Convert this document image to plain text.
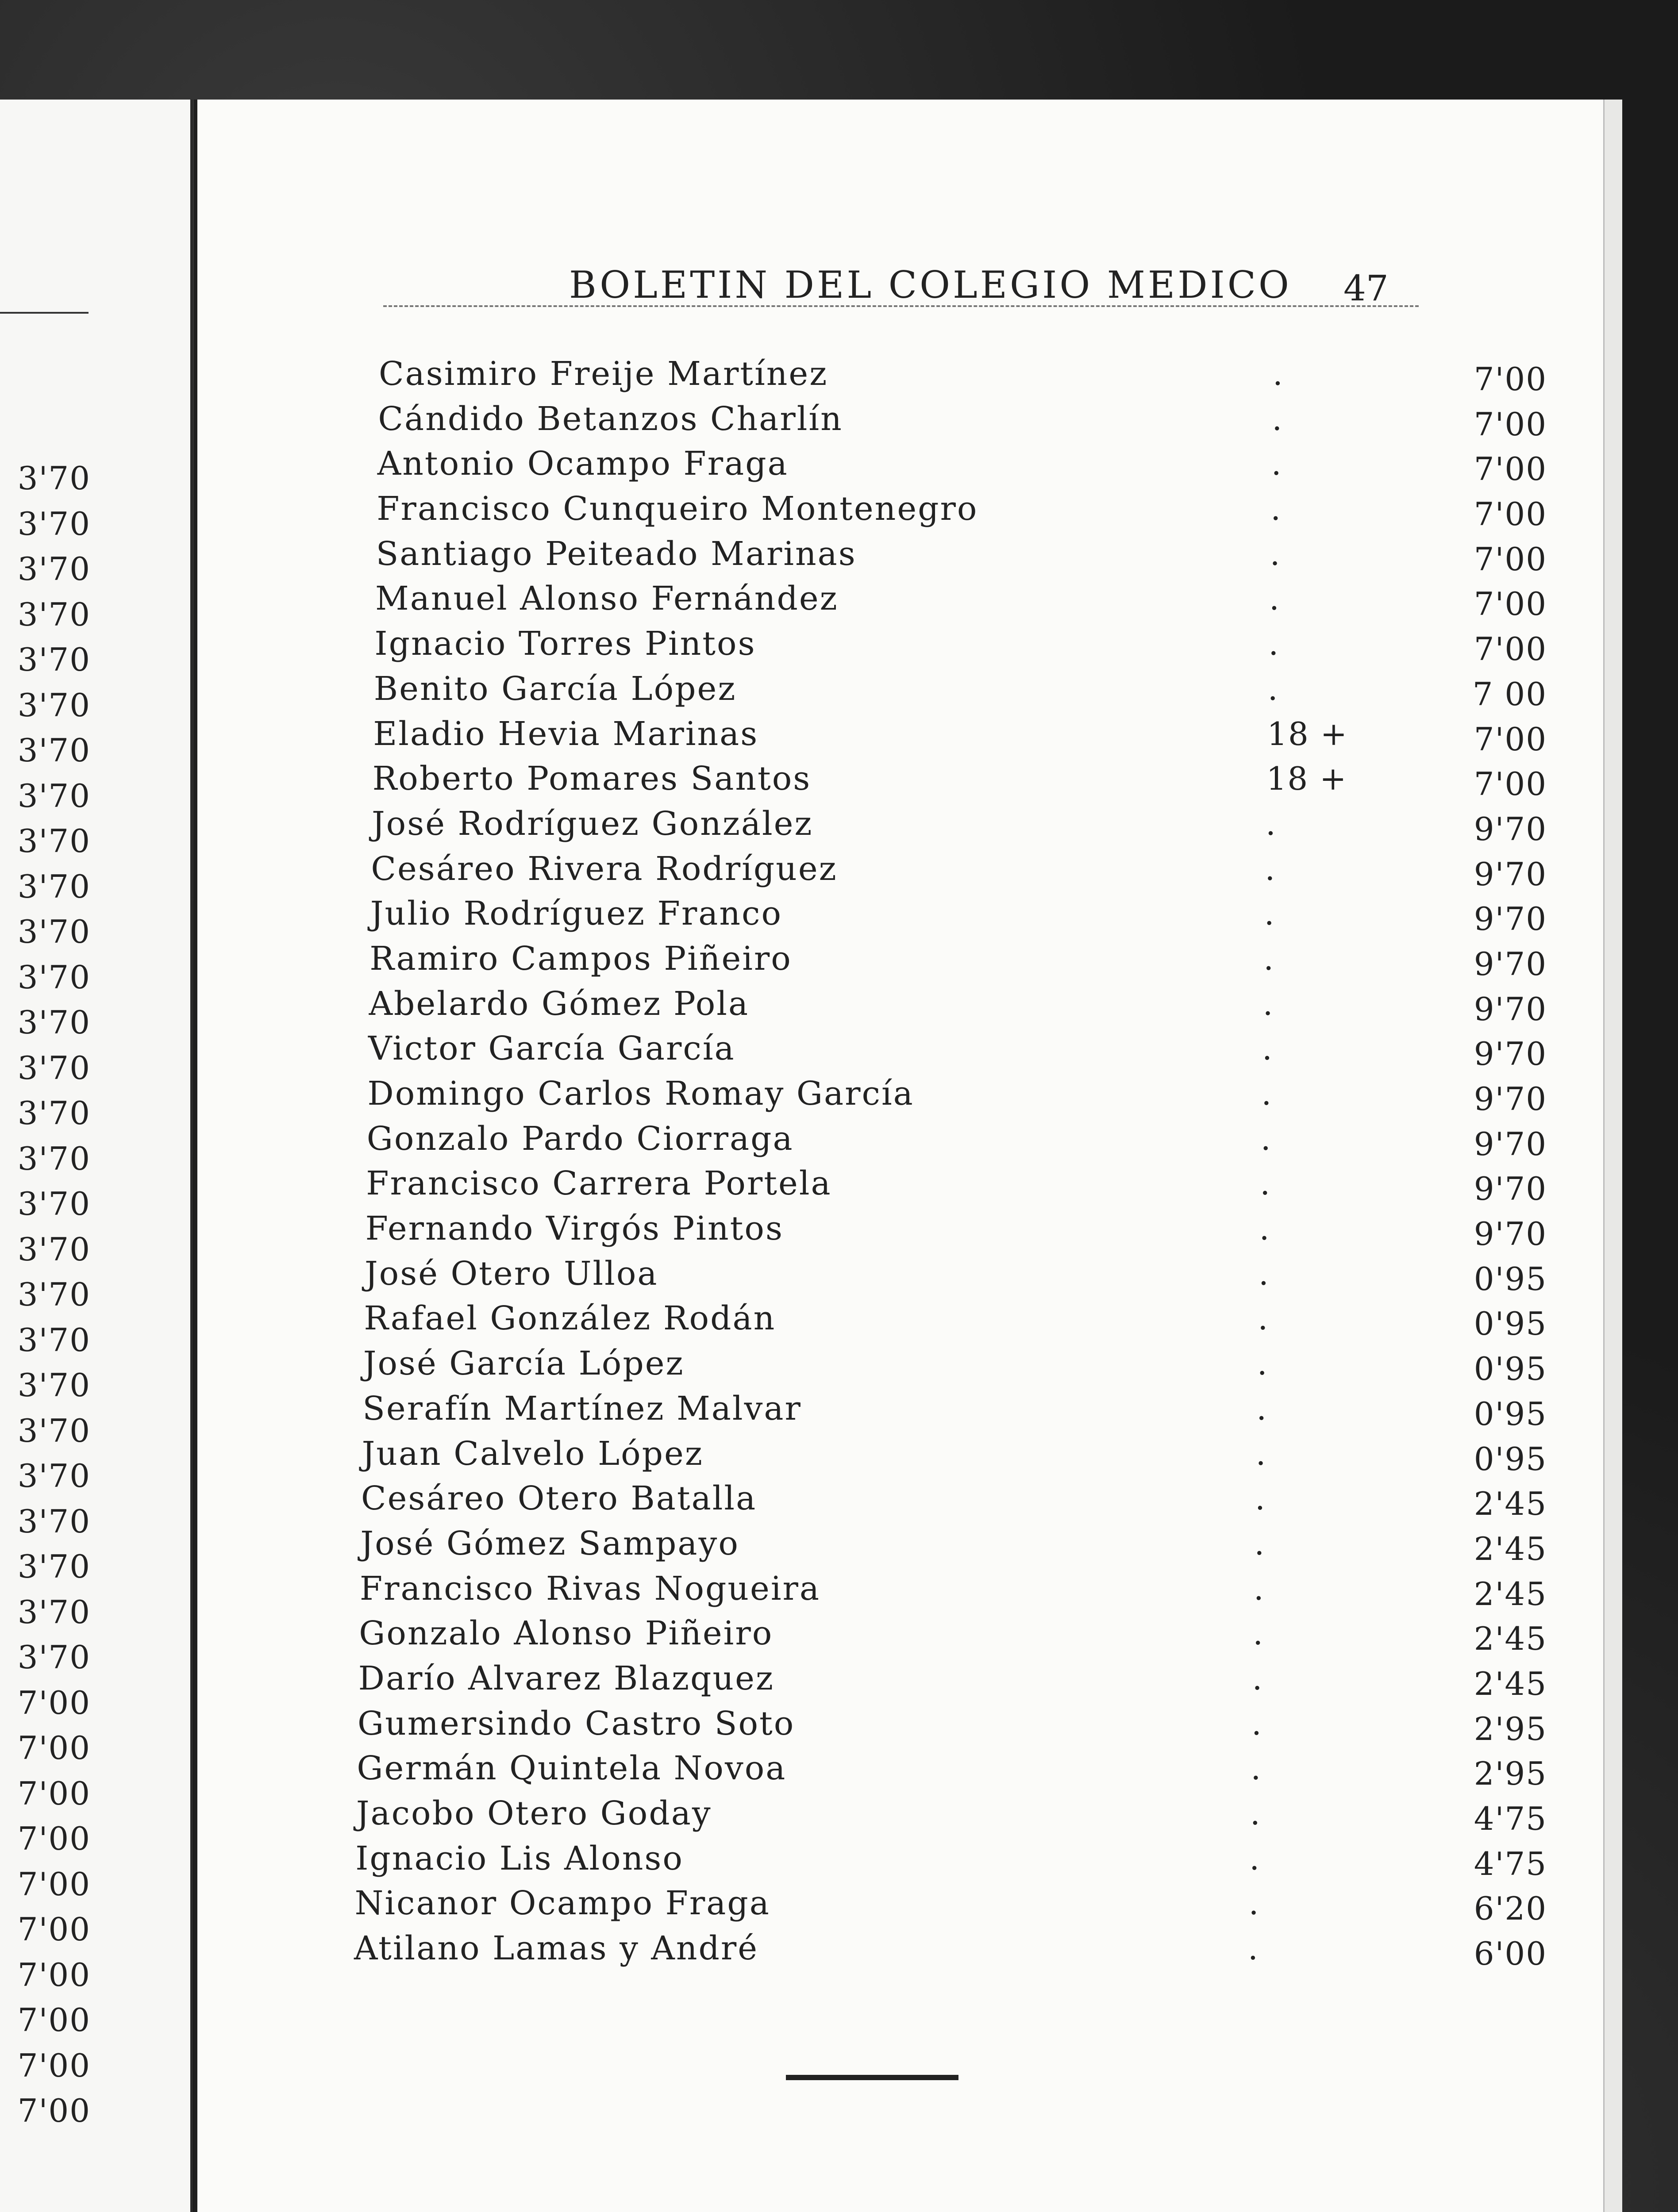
3'70
3'70
3'70
3'70
3'70
3'70
3'70
3'70
3'70
3'70
3'70
3'70
3'70
3'70
3'70
3'70
3'70
3'70
3'70
3'70
3'70
3'70
3'70
3'70
3'70
3'70
3'70
7'00
7'00
7'00
7'00
7'00
7'00
7'00
7'00
7'00
7'00
BOLETIN DEL COLEGIO MEDICO 47
Casimiro Freije Martínez	.	7'00
Cándido Betanzos Charlín	.	7'00
Antonio Ocampo Fraga	.	7'00
Francisco Cunqueiro Montenegro	.	7'00
Santiago Peiteado Marinas	.	7'00
Manuel Alonso Fernández	.	7'00
Ignacio Torres Pintos	.	7'00
Benito García López	.	7 00
Eladio Hevia Marinas	18 +	7'00
Roberto Pomares Santos	18 +	7'00
José Rodríguez González	.	9'70
Cesáreo Rivera Rodríguez	.	9'70
Julio Rodríguez Franco	.	9'70
Ramiro Campos Piñeiro	.	9'70
Abelardo Gómez Pola	.	9'70
Victor García García	.	9'70
Domingo Carlos Romay García	.	9'70
Gonzalo Pardo Ciorraga	.	9'70
Francisco Carrera Portela	.	9'70
Fernando Virgós Pintos	.	9'70
José Otero Ulloa	.	0'95
Rafael González Rodán	.	0'95
José García López	.	0'95
Serafín Martínez Malvar	.	0'95
Juan Calvelo López	.	0'95
Cesáreo Otero Batalla	.	2'45
José Gómez Sampayo	.	2'45
Francisco Rivas Nogueira	.	2'45
Gonzalo Alonso Piñeiro	.	2'45
Darío Alvarez Blazquez	.	2'45
Gumersindo Castro Soto	.	2'95
Germán Quintela Novoa	.	2'95
Jacobo Otero Goday	.	4'75
Ignacio Lis Alonso	.	4'75
Nicanor Ocampo Fraga	.	6'20
Atilano Lamas y André	.	6'00
